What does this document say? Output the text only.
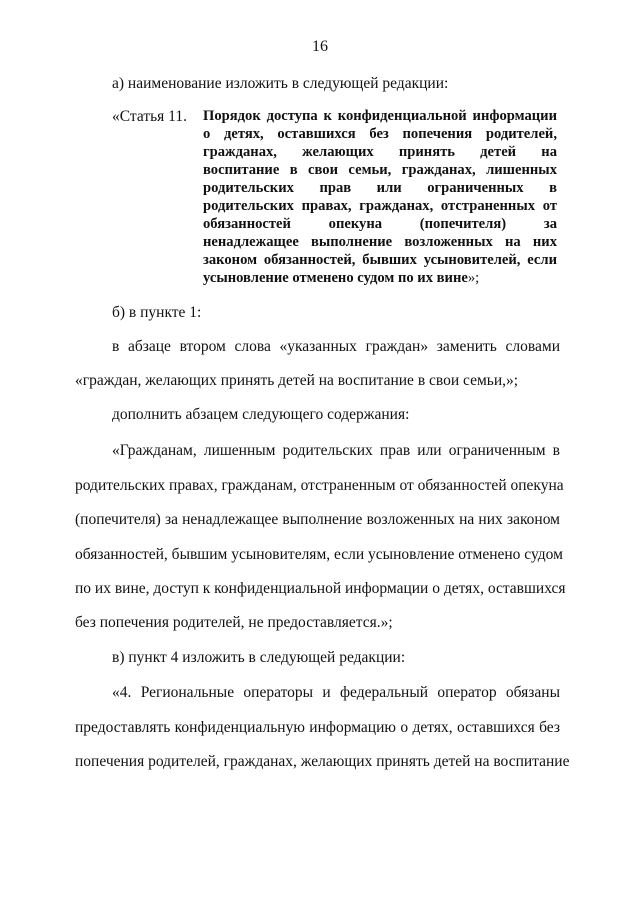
16
а) наименование изложить в следующей редакции:
«Статья 11. Порядок доступа к конфиденциальной информации
о детях, оставшихся без попечения родителей,
гражданах, желающих принять детей на
воспитание в свои семьи, гражданах, лишенных
родительских прав или ограниченных в
родительских правах, гражданах, отстраненных от
обязанностей опекуна (попечителя) за
ненадлежащее выполнение возложенных на них
законом обязанностей, бывших усыновителей, если
усыновление отменено судом по их вине»;
б) в пункте 1:
в абзаце втором слова «указанных граждан» заменить словами
«граждан, желающих принять детей на воспитание в свои семьи,»;
дополнить абзацем следующего содержания:
«Гражданам, лишенным родительских прав или ограниченным в
родительских правах, гражданам, отстраненным от обязанностей опекуна
(попечителя) за ненадлежащее выполнение возложенных на них законом
обязанностей, бывшим усыновителям, если усыновление отменено судом
по их вине, доступ к конфиденциальной информации о детях, оставшихся
без попечения родителей, не предоставляется.»;
в) пункт 4 изложить в следующей редакции:
«4. Региональные операторы и федеральный оператор обязаны
предоставлять конфиденциальную информацию о детях, оставшихся без
попечения родителей, гражданах, желающих принять детей на воспитание
